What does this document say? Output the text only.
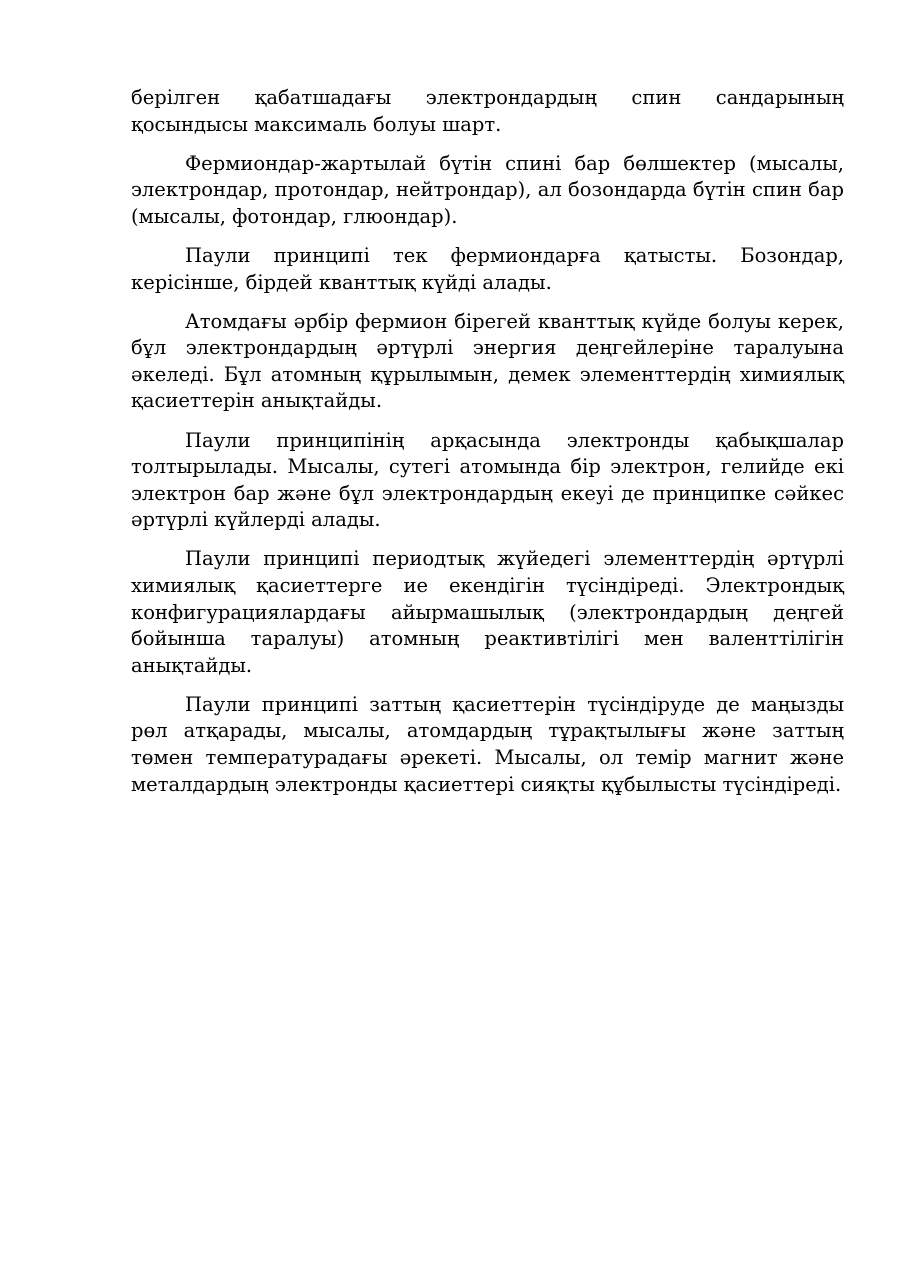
берілген қабатшадағы электрондардың спин сандарының қосындысы максималь болуы шарт.

Фермиондар-жартылай бүтін спині бар бөлшектер (мысалы, электрондар, протондар, нейтрондар), ал бозондарда бүтін спин бар (мысалы, фотондар, глюондар).

Паули принципі тек фермиондарға қатысты. Бозондар, керісінше, бірдей кванттық күйді алады.

Атомдағы әрбір фермион бірегей кванттық күйде болуы керек, бұл электрондардың әртүрлі энергия деңгейлеріне таралуына әкеледі. Бұл атомның құрылымын, демек элементтердің химиялық қасиеттерін анықтайды.

Паули принципінің арқасында электронды қабықшалар толтырылады. Мысалы, сутегі атомында бір электрон, гелийде екі электрон бар және бұл электрондардың екеуі де принципке сәйкес әртүрлі күйлерді алады.

Паули принципі периодтық жүйедегі элементтердің әртүрлі химиялық қасиеттерге ие екендігін түсіндіреді. Электрондық конфигурациялардағы айырмашылық (электрондардың деңгей бойынша таралуы) атомның реактивтілігі мен валенттілігін анықтайды.

Паули принципі заттың қасиеттерін түсіндіруде де маңызды рөл атқарады, мысалы, атомдардың тұрақтылығы және заттың төмен температурадағы әрекеті. Мысалы, ол темір магнит және металдардың электронды қасиеттері сияқты құбылысты түсіндіреді.
